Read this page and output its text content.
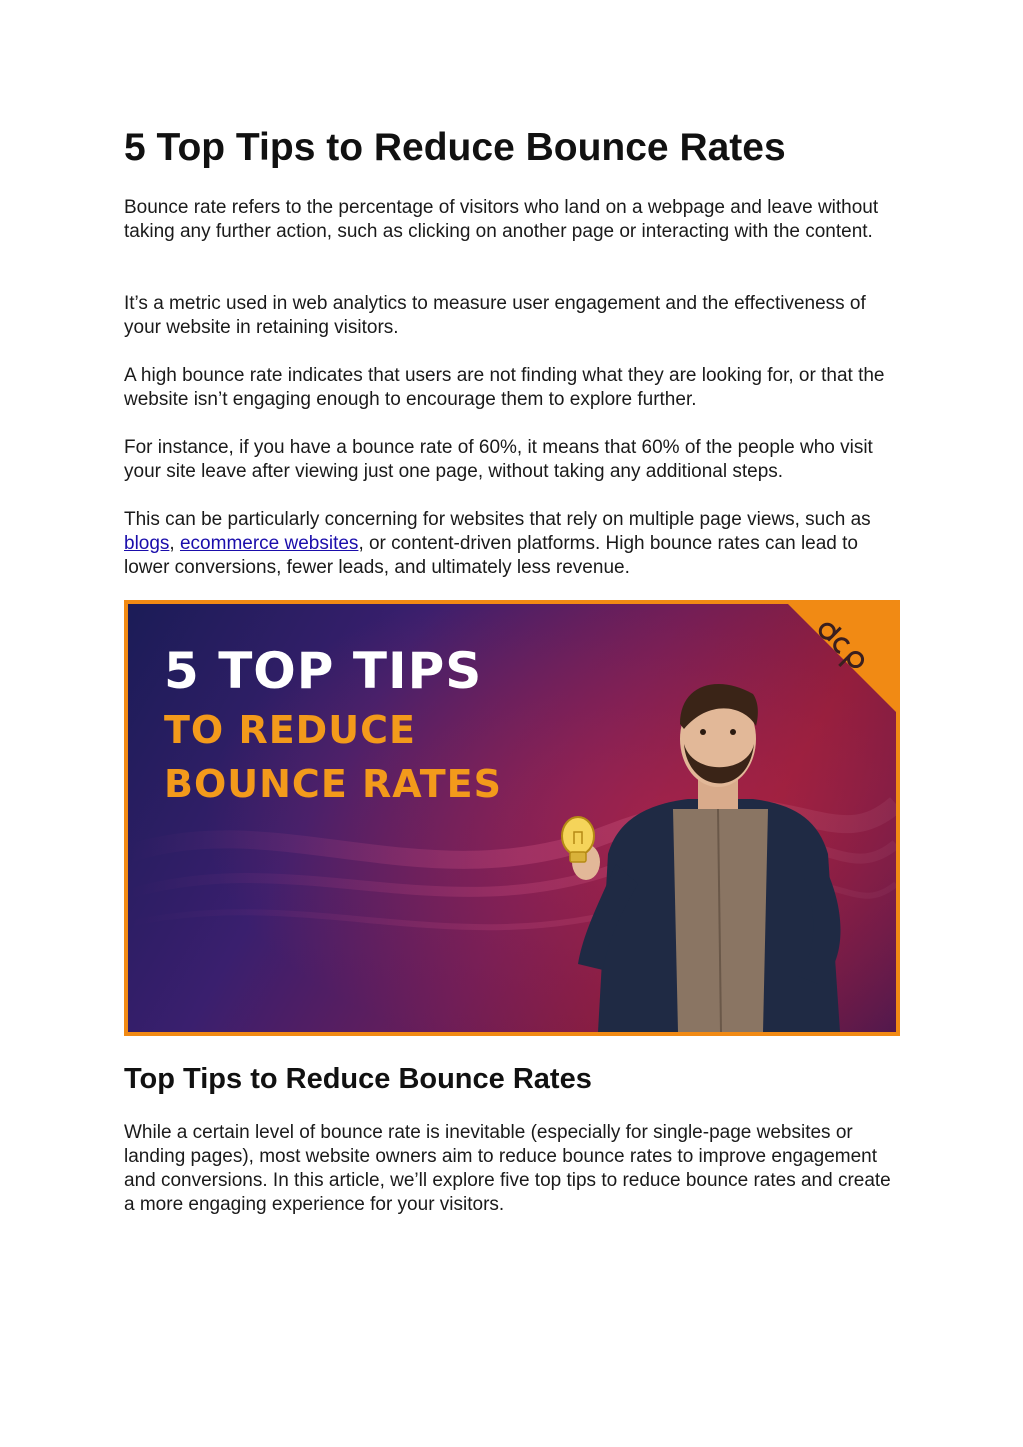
5 Top Tips to Reduce Bounce Rates

Bounce rate refers to the percentage of visitors who land on a webpage and leave without taking any further action, such as clicking on another page or interacting with the content.

It’s a metric used in web analytics to measure user engagement and the effectiveness of your website in retaining visitors.

A high bounce rate indicates that users are not finding what they are looking for, or that the website isn’t engaging enough to encourage them to explore further.

For instance, if you have a bounce rate of 60%, it means that 60% of the people who visit your site leave after viewing just one page, without taking any additional steps.

This can be particularly concerning for websites that rely on multiple page views, such as blogs, ecommerce websites, or content-driven platforms. High bounce rates can lead to lower conversions, fewer leads, and ultimately less revenue.

5 TOP TIPS
TO REDUCE
BOUNCE RATES
Top Tips to Reduce Bounce Rates

While a certain level of bounce rate is inevitable (especially for single-page websites or landing pages), most website owners aim to reduce bounce rates to improve engagement and conversions. In this article, we’ll explore five top tips to reduce bounce rates and create a more engaging experience for your visitors.
